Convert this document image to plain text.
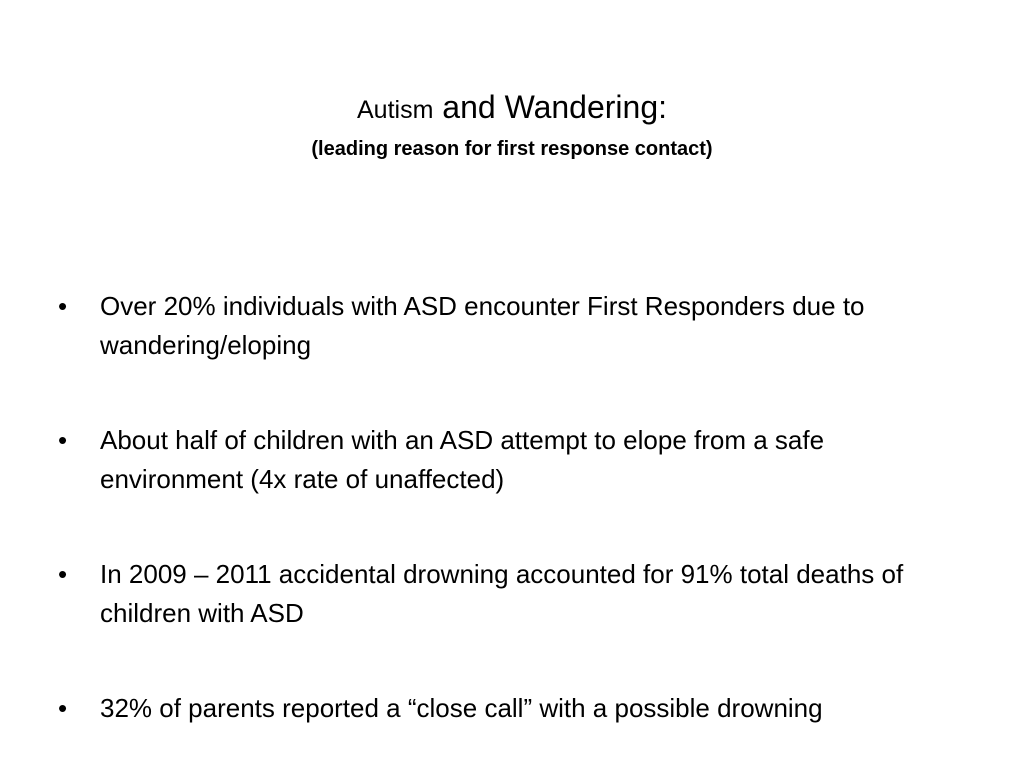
Autism and Wandering:
(leading reason for first response contact)
• Over 20% individuals with ASD encounter First Responders due to wandering/eloping
• About half of children with an ASD attempt to elope from a safe environment (4x rate of unaffected)
• In 2009 – 2011 accidental drowning accounted for 91% total deaths of children with ASD
• 32% of parents reported a “close call” with a possible drowning
